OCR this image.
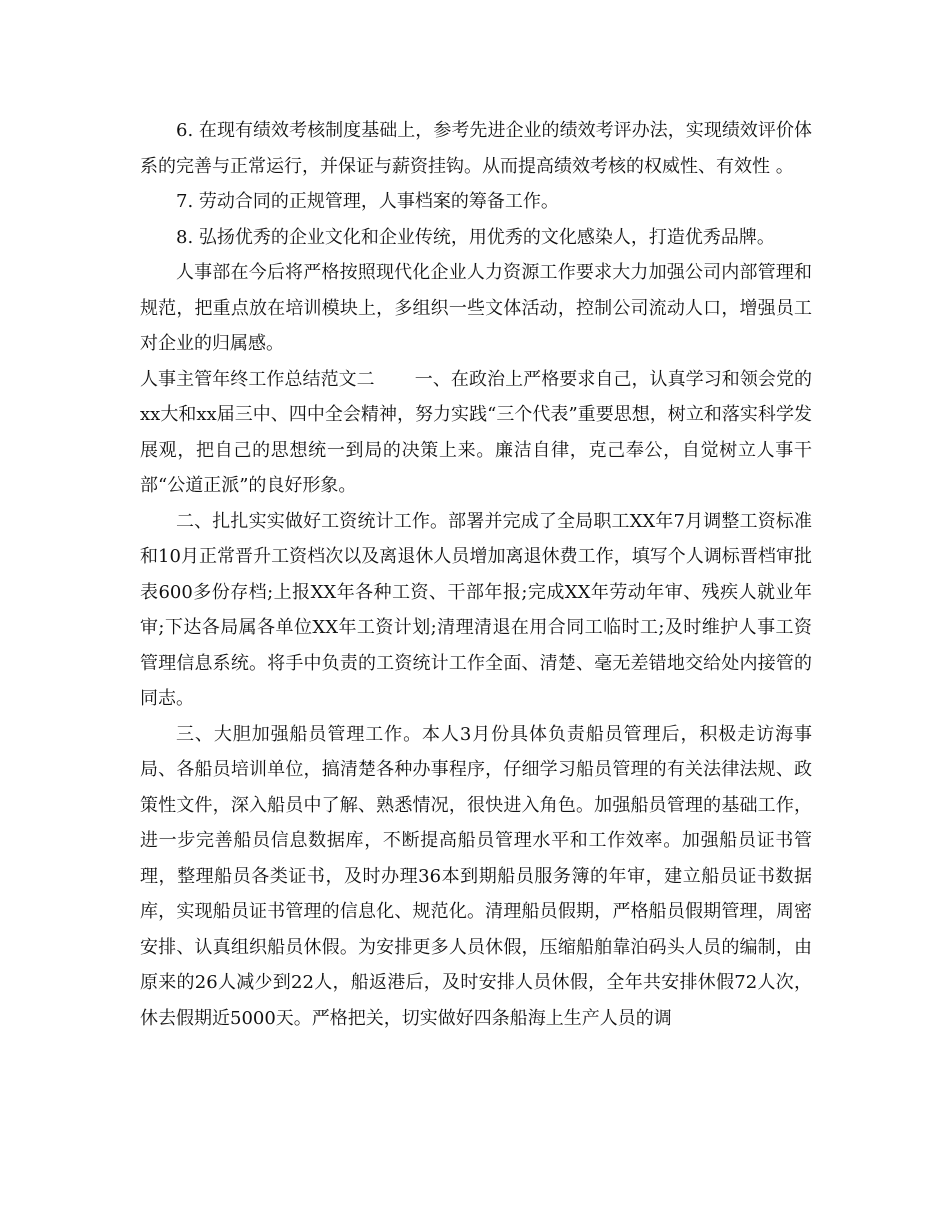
6. 在现有绩效考核制度基础上，参考先进企业的绩效考评办法，实现绩效评价体系的完善与正常运行，并保证与薪资挂钩。从而提高绩效考核的权威性、有效性 。

7. 劳动合同的正规管理，人事档案的筹备工作。

8. 弘扬优秀的企业文化和企业传统，用优秀的文化感染人，打造优秀品牌。

人事部在今后将严格按照现代化企业人力资源工作要求大力加强公司内部管理和规范，把重点放在培训模块上，多组织一些文体活动，控制公司流动人口，增强员工对企业的归属感。

人事主管年终工作总结范文二 一、在政治上严格要求自己，认真学习和领会党的xx大和xx届三中、四中全会精神，努力实践“三个代表”重要思想，树立和落实科学发展观，把自己的思想统一到局的决策上来。廉洁自律，克己奉公，自觉树立人事干部“公道正派”的良好形象。

二、扎扎实实做好工资统计工作。部署并完成了全局职工XX年7月调整工资标准和10月正常晋升工资档次以及离退休人员增加离退休费工作，填写个人调标晋档审批表600多份存档;上报XX年各种工资、干部年报;完成XX年劳动年审、残疾人就业年审;下达各局属各单位XX年工资计划;清理清退在用合同工临时工;及时维护人事工资管理信息系统。将手中负责的工资统计工作全面、清楚、毫无差错地交给处内接管的同志。

三、大胆加强船员管理工作。本人3月份具体负责船员管理后，积极走访海事局、各船员培训单位，搞清楚各种办事程序，仔细学习船员管理的有关法律法规、政策性文件，深入船员中了解、熟悉情况，很快进入角色。加强船员管理的基础工作，进一步完善船员信息数据库，不断提高船员管理水平和工作效率。加强船员证书管理，整理船员各类证书，及时办理36本到期船员服务簿的年审，建立船员证书数据库，实现船员证书管理的信息化、规范化。清理船员假期，严格船员假期管理，周密安排、认真组织船员休假。为安排更多人员休假，压缩船舶靠泊码头人员的编制，由原来的26人减少到22人，船返港后，及时安排人员休假，全年共安排休假72人次，休去假期近5000天。严格把关，切实做好四条船海上生产人员的调
